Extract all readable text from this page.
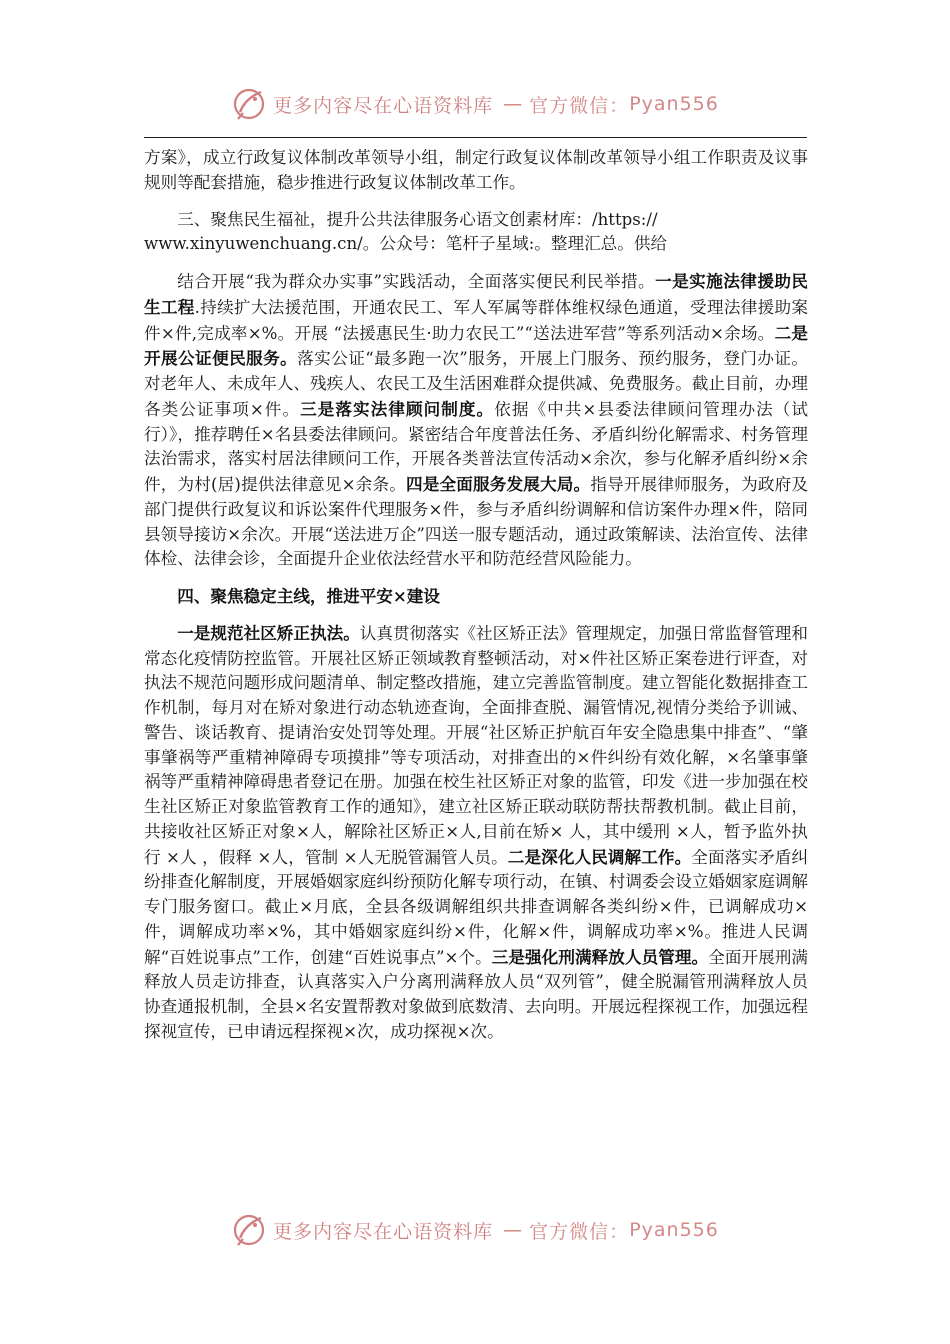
更多内容尽在心语资料库 — 官方微信： Pyan556

方案》，成立行政复议体制改革领导小组，制定行政复议体制改革领导小组工作职责及议事规则等配套措施，稳步推进行政复议体制改革工作。

三、聚焦民生福祉，提升公共法律服务心语文创素材库：/https://

www.xinyuwenchuang.cn/。公众号：笔杆子星域:。整理汇总。供给

结合开展“我为群众办实事”实践活动，全面落实便民利民举措。一是实施法律援助民生工程.持续扩大法援范围，开通农民工、军人军属等群体维权绿色通道，受理法律援助案件×件,完成率×%。开展 “法援惠民生·助力农民工”“送法进军营”等系列活动×余场。二是开展公证便民服务。落实公证“最多跑一次”服务，开展上门服务、预约服务，登门办证。对老年人、未成年人、残疾人、农民工及生活困难群众提供减、免费服务。截止目前，办理各类公证事项×件。三是落实法律顾问制度。依据《中共×县委法律顾问管理办法（试行）》，推荐聘任×名县委法律顾问。紧密结合年度普法任务、矛盾纠纷化解需求、村务管理法治需求，落实村居法律顾问工作，开展各类普法宣传活动×余次，参与化解矛盾纠纷×余件，为村(居)提供法律意见×余条。四是全面服务发展大局。指导开展律师服务，为政府及部门提供行政复议和诉讼案件代理服务×件，参与矛盾纠纷调解和信访案件办理×件，陪同县领导接访×余次。开展“送法进万企”四送一服专题活动，通过政策解读、法治宣传、法律体检、法律会诊，全面提升企业依法经营水平和防范经营风险能力。

四、聚焦稳定主线，推进平安×建设

一是规范社区矫正执法。认真贯彻落实《社区矫正法》管理规定，加强日常监督管理和常态化疫情防控监管。开展社区矫正领域教育整顿活动，对×件社区矫正案卷进行评查，对执法不规范问题形成问题清单、制定整改措施，建立完善监管制度。建立智能化数据排查工作机制，每月对在矫对象进行动态轨迹查询，全面排查脱、漏管情况,视情分类给予训诫、警告、谈话教育、提请治安处罚等处理。开展“社区矫正护航百年安全隐患集中排查”、“肇事肇祸等严重精神障碍专项摸排”等专项活动，对排查出的×件纠纷有效化解，×名肇事肇祸等严重精神障碍患者登记在册。加强在校生社区矫正对象的监管，印发《进一步加强在校生社区矫正对象监管教育工作的通知》，建立社区矫正联动联防帮扶帮教机制。截止目前，共接收社区矫正对象×人，解除社区矫正×人,目前在矫× 人，其中缓刑 ×人，暂予监外执行 ×人 ，假释 ×人，管制 ×人无脱管漏管人员。二是深化人民调解工作。全面落实矛盾纠纷排查化解制度，开展婚姻家庭纠纷预防化解专项行动，在镇、村调委会设立婚姻家庭调解专门服务窗口。截止×月底，全县各级调解组织共排查调解各类纠纷×件，已调解成功×件，调解成功率×%，其中婚姻家庭纠纷×件，化解×件，调解成功率×%。推进人民调解“百姓说事点”工作，创建“百姓说事点”×个。三是强化刑满释放人员管理。全面开展刑满释放人员走访排查，认真落实入户分离刑满释放人员“双列管”，健全脱漏管刑满释放人员协查通报机制，全县×名安置帮教对象做到底数清、去向明。开展远程探视工作，加强远程探视宣传，已申请远程探视×次，成功探视×次。

更多内容尽在心语资料库 — 官方微信： Pyan556
